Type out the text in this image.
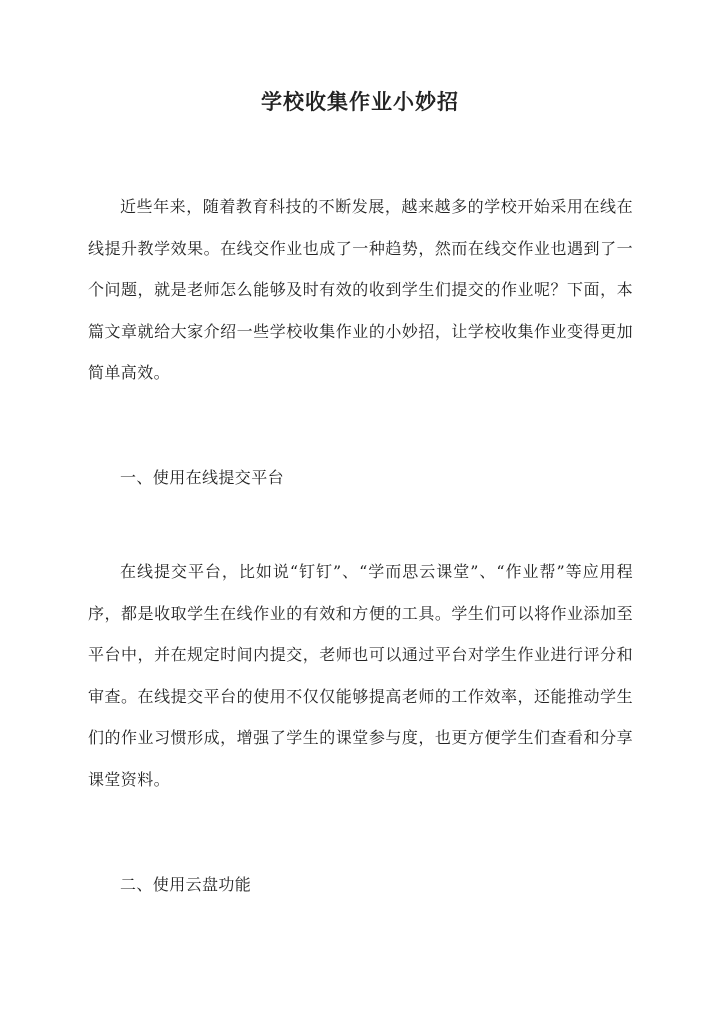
学校收集作业小妙招

近些年来，随着教育科技的不断发展，越来越多的学校开始采用在线在线提升教学效果。在线交作业也成了一种趋势，然而在线交作业也遇到了一个问题，就是老师怎么能够及时有效的收到学生们提交的作业呢？下面，本篇文章就给大家介绍一些学校收集作业的小妙招，让学校收集作业变得更加简单高效。

一、使用在线提交平台

在线提交平台，比如说“钉钉”、“学而思云课堂”、“作业帮”等应用程序，都是收取学生在线作业的有效和方便的工具。学生们可以将作业添加至平台中，并在规定时间内提交，老师也可以通过平台对学生作业进行评分和审查。在线提交平台的使用不仅仅能够提高老师的工作效率，还能推动学生们的作业习惯形成，增强了学生的课堂参与度，也更方便学生们查看和分享课堂资料。

二、使用云盘功能
